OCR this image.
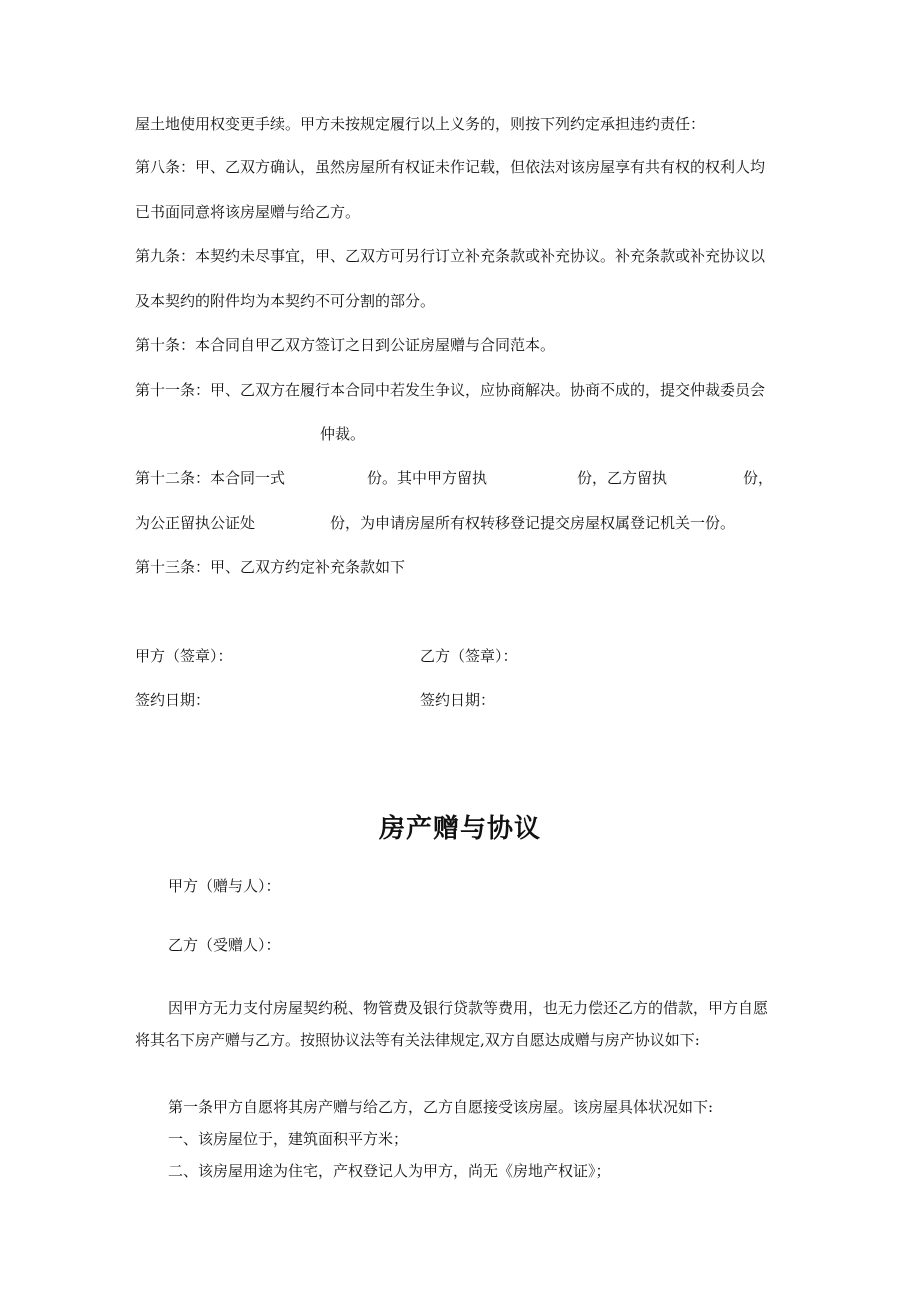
屋土地使用权变更手续。甲方未按规定履行以上义务的，则按下列约定承担违约责任：
第八条：甲、乙双方确认，虽然房屋所有权证未作记载，但依法对该房屋享有共有权的权利人均
已书面同意将该房屋赠与给乙方。
第九条：本契约未尽事宜，甲、乙双方可另行订立补充条款或补充协议。补充条款或补充协议以
及本契约的附件均为本契约不可分割的部分。
第十条：本合同自甲乙双方签订之日到公证房屋赠与合同范本。
第十一条：甲、乙双方在履行本合同中若发生争议，应协商解决。协商不成的，提交仲裁委员会
仲裁。
第十二条：本合同一式	份。其中甲方留执	份，乙方留执	份，
为公正留执公证处	份，为申请房屋所有权转移登记提交房屋权属登记机关一份。
第十三条：甲、乙双方约定补充条款如下
甲方（签章）：	乙方（签章）：
签约日期：	签约日期：
房产赠与协议
甲方（赠与人）：
乙方（受赠人）：
因甲方无力支付房屋契约税、物管费及银行贷款等费用，也无力偿还乙方的借款，甲方自愿
将其名下房产赠与乙方。按照协议法等有关法律规定,双方自愿达成赠与房产协议如下:
第一条甲方自愿将其房产赠与给乙方，乙方自愿接受该房屋。该房屋具体状况如下:
一、该房屋位于，建筑面积平方米；
二、该房屋用途为住宅，产权登记人为甲方，尚无《房地产权证》；
